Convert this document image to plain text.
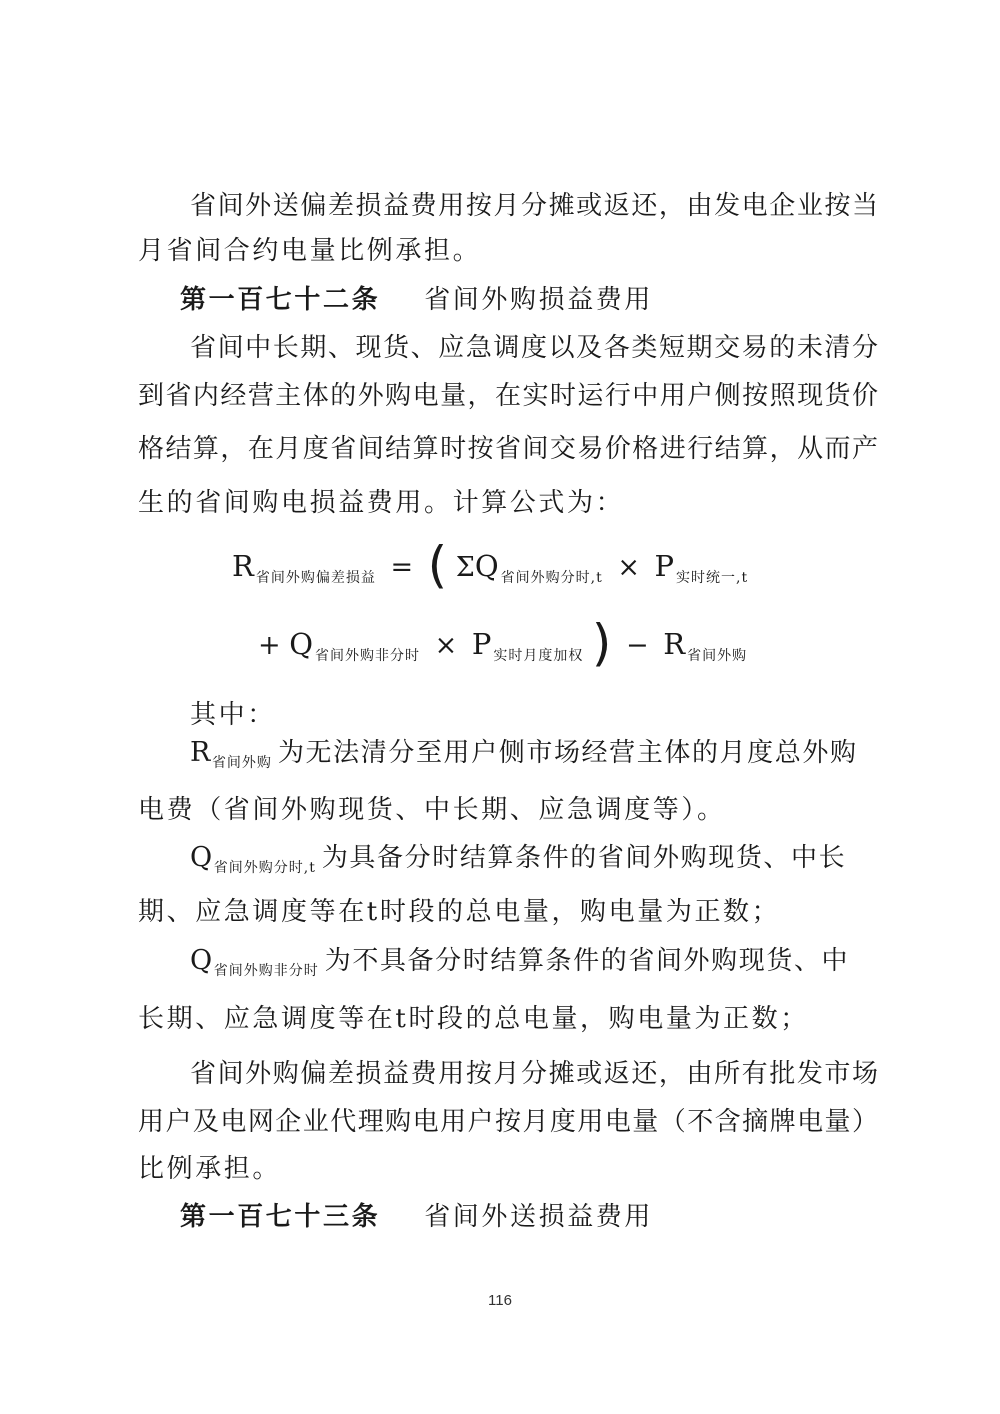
省间外送偏差损益费用按月分摊或返还，由发电企业按当
月省间合约电量比例承担。
第一百七十二条 省间外购损益费用
省间中长期、现货、应急调度以及各类短期交易的未清分
到省内经营主体的外购电量，在实时运行中用户侧按照现货价
格结算，在月度省间结算时按省间交易价格进行结算，从而产
生的省间购电损益费用。计算公式为：
R $_{省间外购偏差损益}$ = ( ΣQ $_{省间外购分时,t}$ × P $_{实时统一,t}$
+ Q $_{省间外购非分时}$ × P $_{实时月度加权}$ ) − R $_{省间外购}$
其中：
$R_{省间外购}$ 为无法清分至用户侧市场经营主体的月度总外购
电费（省间外购现货、中长期、应急调度等）。
$Q_{省间外购分时,t}$ 为具备分时结算条件的省间外购现货、中长
期、应急调度等在t时段的总电量，购电量为正数；
$Q_{省间外购非分时}$ 为不具备分时结算条件的省间外购现货、中
长期、应急调度等在t时段的总电量，购电量为正数；
省间外购偏差损益费用按月分摊或返还，由所有批发市场
用户及电网企业代理购电用户按月度用电量（不含摘牌电量）
比例承担。
第一百七十三条 省间外送损益费用
116
